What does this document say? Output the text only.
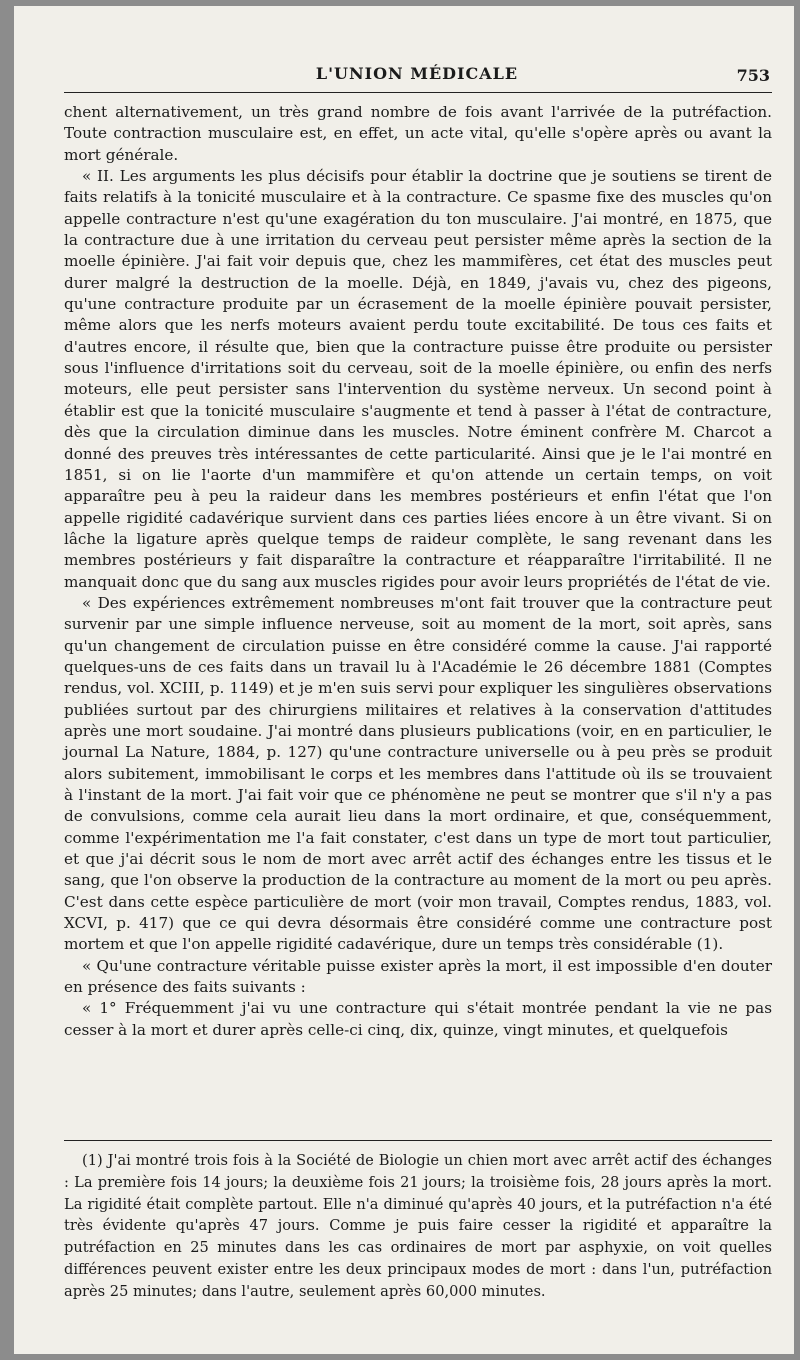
L'UNION MÉDICALE	753

chent alternativement, un très grand nombre de fois avant l'arrivée de la putréfaction. Toute contraction musculaire est, en effet, un acte vital, qu'elle s'opère après ou avant la mort générale.

« II. Les arguments les plus décisifs pour établir la doctrine que je soutiens se tirent de faits relatifs à la tonicité musculaire et à la contracture. Ce spasme fixe des muscles qu'on appelle contracture n'est qu'une exagération du ton musculaire. J'ai montré, en 1875, que la contracture due à une irritation du cerveau peut persister même après la section de la moelle épinière. J'ai fait voir depuis que, chez les mammifères, cet état des muscles peut durer malgré la destruction de la moelle. Déjà, en 1849, j'avais vu, chez des pigeons, qu'une contracture produite par un écrasement de la moelle épinière pouvait persister, même alors que les nerfs moteurs avaient perdu toute excitabilité. De tous ces faits et d'autres encore, il résulte que, bien que la contracture puisse être produite ou persister sous l'influence d'irritations soit du cerveau, soit de la moelle épinière, ou enfin des nerfs moteurs, elle peut persister sans l'intervention du système nerveux. Un second point à établir est que la tonicité musculaire s'augmente et tend à passer à l'état de contracture, dès que la circulation diminue dans les muscles. Notre éminent confrère M. Charcot a donné des preuves très intéressantes de cette particularité. Ainsi que je le l'ai montré en 1851, si on lie l'aorte d'un mammifère et qu'on attende un certain temps, on voit apparaître peu à peu la raideur dans les membres postérieurs et enfin l'état que l'on appelle rigidité cadavérique survient dans ces parties liées encore à un être vivant. Si on lâche la ligature après quelque temps de raideur complète, le sang revenant dans les membres postérieurs y fait disparaître la contracture et réapparaître l'irritabilité. Il ne manquait donc que du sang aux muscles rigides pour avoir leurs propriétés de l'état de vie.

« Des expériences extrêmement nombreuses m'ont fait trouver que la contracture peut survenir par une simple influence nerveuse, soit au moment de la mort, soit après, sans qu'un changement de circulation puisse en être considéré comme la cause. J'ai rapporté quelques-uns de ces faits dans un travail lu à l'Académie le 26 décembre 1881 (Comptes rendus, vol. XCIII, p. 1149) et je m'en suis servi pour expliquer les singulières observations publiées surtout par des chirurgiens militaires et relatives à la conservation d'attitudes après une mort soudaine. J'ai montré dans plusieurs publications (voir, en en particulier, le journal La Nature, 1884, p. 127) qu'une contracture universelle ou à peu près se produit alors subitement, immobilisant le corps et les membres dans l'attitude où ils se trouvaient à l'instant de la mort. J'ai fait voir que ce phénomène ne peut se montrer que s'il n'y a pas de convulsions, comme cela aurait lieu dans la mort ordinaire, et que, conséquemment, comme l'expérimentation me l'a fait constater, c'est dans un type de mort tout particulier, et que j'ai décrit sous le nom de mort avec arrêt actif des échanges entre les tissus et le sang, que l'on observe la production de la contracture au moment de la mort ou peu après. C'est dans cette espèce particulière de mort (voir mon travail, Comptes rendus, 1883, vol. XCVI, p. 417) que ce qui devra désormais être considéré comme une contracture post mortem et que l'on appelle rigidité cadavérique, dure un temps très considérable (1).

« Qu'une contracture véritable puisse exister après la mort, il est impossible d'en douter en présence des faits suivants :

« 1° Fréquemment j'ai vu une contracture qui s'était montrée pendant la vie ne pas cesser à la mort et durer après celle-ci cinq, dix, quinze, vingt minutes, et quelquefois

(1) J'ai montré trois fois à la Société de Biologie un chien mort avec arrêt actif des échanges : La première fois 14 jours; la deuxième fois 21 jours; la troisième fois, 28 jours après la mort. La rigidité était complète partout. Elle n'a diminué qu'après 40 jours, et la putréfaction n'a été très évidente qu'après 47 jours. Comme je puis faire cesser la rigidité et apparaître la putréfaction en 25 minutes dans les cas ordinaires de mort par asphyxie, on voit quelles différences peuvent exister entre les deux principaux modes de mort : dans l'un, putréfaction après 25 minutes; dans l'autre, seulement après 60,000 minutes.
